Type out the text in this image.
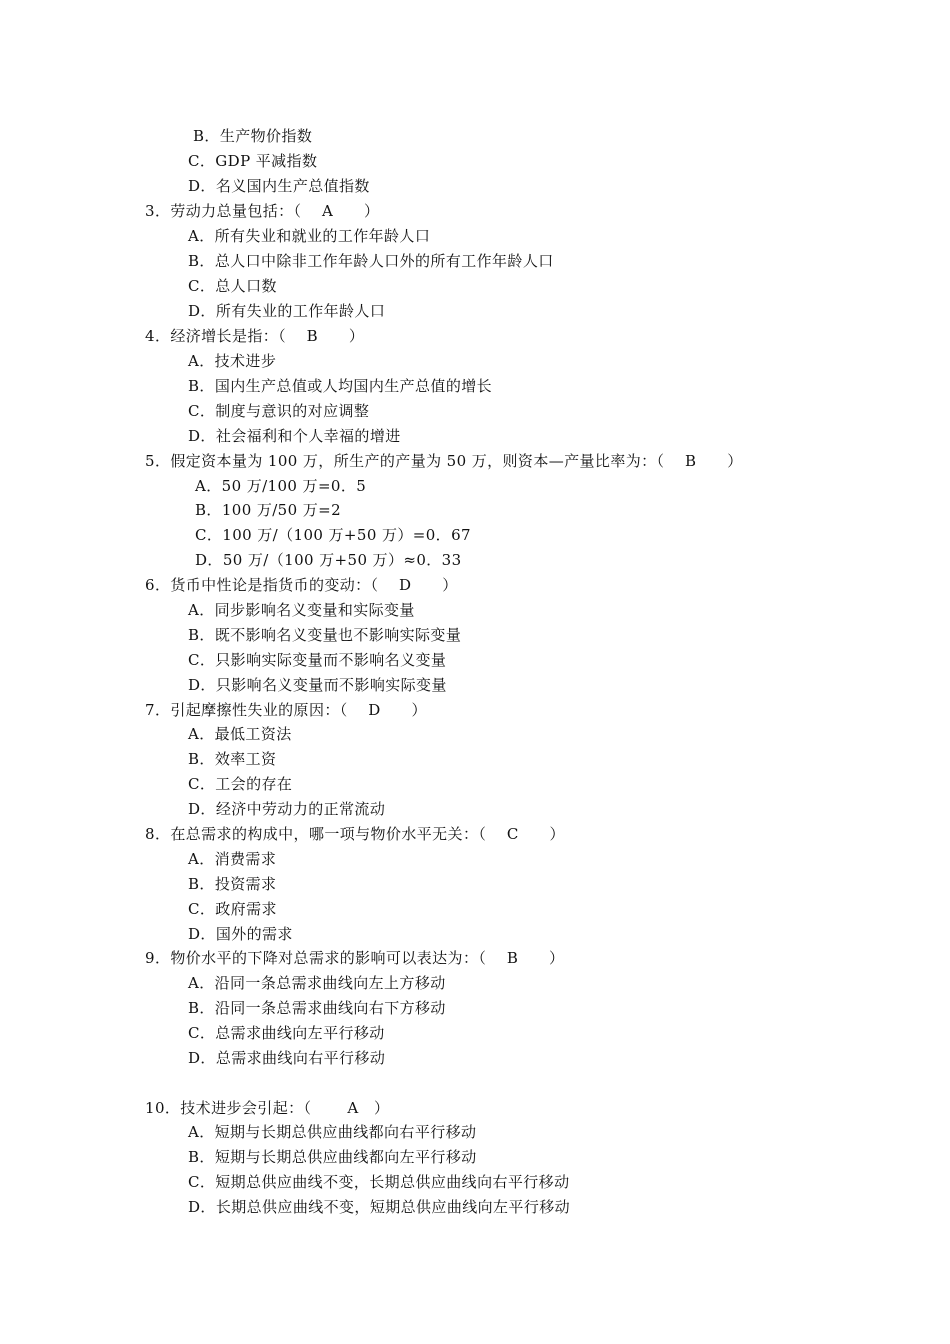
B．生产物价指数
C．GDP 平减指数
D．名义国内生产总值指数
3．劳动力总量包括：（　 A　　）
A．所有失业和就业的工作年龄人口
B．总人口中除非工作年龄人口外的所有工作年龄人口
C．总人口数
D．所有失业的工作年龄人口
4．经济增长是指：（　 B　　）
A．技术进步
B．国内生产总值或人均国内生产总值的增长
C．制度与意识的对应调整
D．社会福利和个人幸福的增进
5．假定资本量为 100 万，所生产的产量为 50 万，则资本—产量比率为：（　 B　　）
A．50 万/100 万=0．5
B．100 万/50 万=2
C．100 万/（100 万+50 万）=0．67
D．50 万/（100 万+50 万）≈0．33
6．货币中性论是指货币的变动：（　 D　　）
A．同步影响名义变量和实际变量
B．既不影响名义变量也不影响实际变量
C．只影响实际变量而不影响名义变量
D．只影响名义变量而不影响实际变量
7．引起摩擦性失业的原因：（　 D　　）
A．最低工资法
B．效率工资
C．工会的存在
D．经济中劳动力的正常流动
8．在总需求的构成中，哪一项与物价水平无关：（　 C　　）
A．消费需求
B．投资需求
C．政府需求
D．国外的需求
9．物价水平的下降对总需求的影响可以表达为：（　 B　　）
A．沿同一条总需求曲线向左上方移动
B．沿同一条总需求曲线向右下方移动
C．总需求曲线向左平行移动
D．总需求曲线向右平行移动
10．技术进步会引起：（　　 A　）
A．短期与长期总供应曲线都向右平行移动
B．短期与长期总供应曲线都向左平行移动
C．短期总供应曲线不变，长期总供应曲线向右平行移动
D．长期总供应曲线不变，短期总供应曲线向左平行移动
